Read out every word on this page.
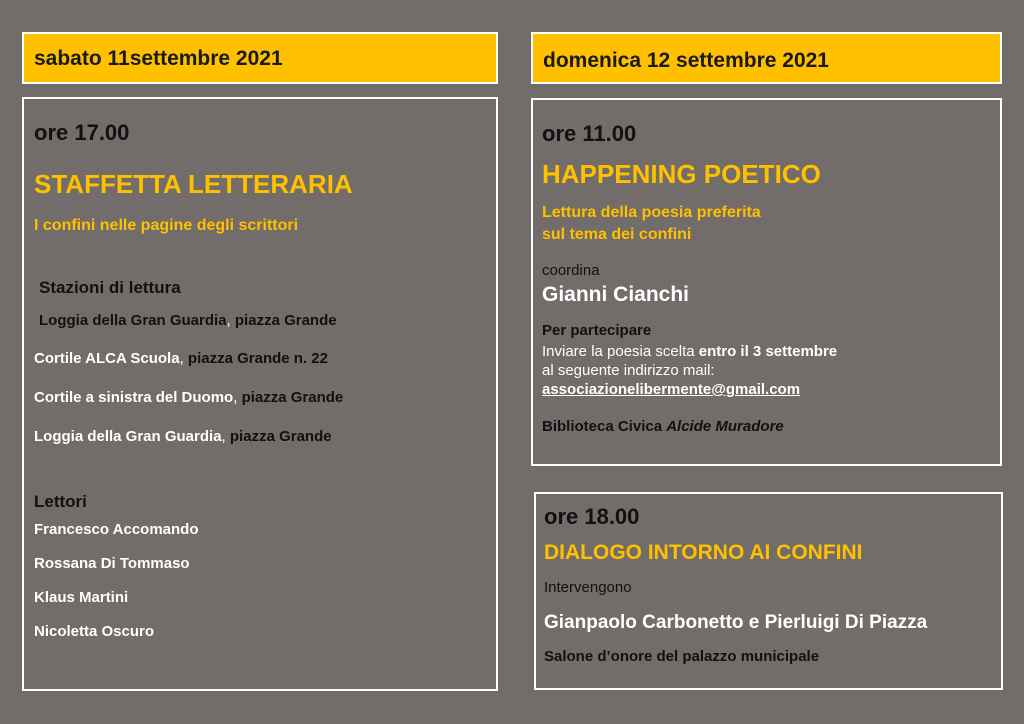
sabato 11settembre 2021
ore 17.00
STAFFETTA LETTERARIA
I confini nelle pagine degli scrittori
Stazioni di lettura
Loggia della Gran Guardia, piazza Grande
Cortile ALCA Scuola, piazza Grande n. 22
Cortile a sinistra del Duomo, piazza Grande
Loggia della Gran Guardia, piazza Grande
Lettori
Francesco Accomando
Rossana Di Tommaso
Klaus Martini
Nicoletta Oscuro
domenica 12 settembre 2021
ore 11.00
HAPPENING POETICO
Lettura della poesia preferita
sul tema dei confini
coordina
Gianni Cianchi
Per partecipare
Inviare la poesia scelta entro il 3 settembre
al seguente indirizzo mail:
associazionelibermente@gmail.com
Biblioteca Civica Alcide Muradore
ore 18.00
DIALOGO INTORNO AI CONFINI
Intervengono
Gianpaolo Carbonetto e Pierluigi Di Piazza
Salone d’onore del palazzo municipale
